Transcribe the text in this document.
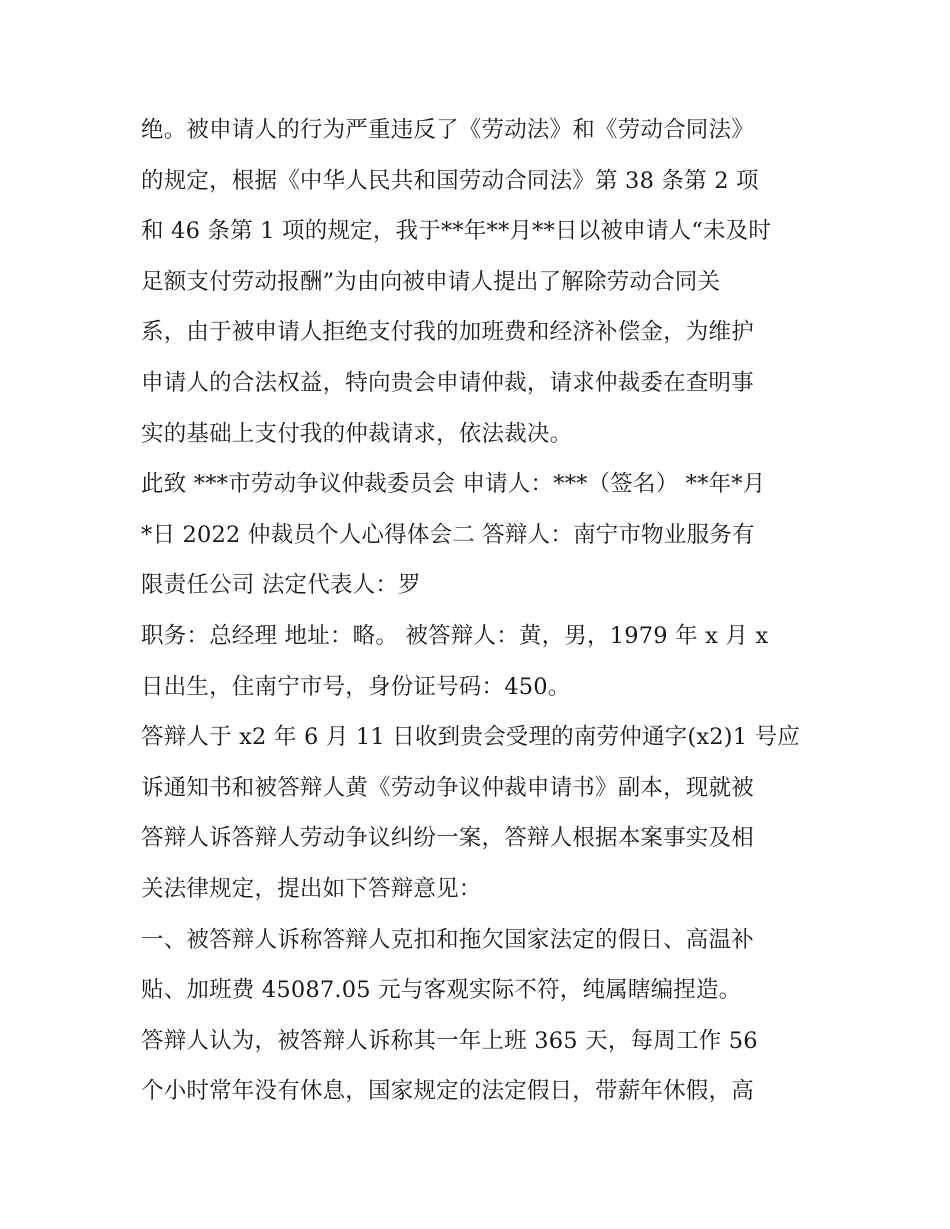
绝。被申请人的行为严重违反了《劳动法》和《劳动合同法》
的规定，根据《中华人民共和国劳动合同法》第 38 条第 2 项
和 46 条第 1 项的规定，我于**年**月**日以被申请人“未及时
足额支付劳动报酬”为由向被申请人提出了解除劳动合同关
系，由于被申请人拒绝支付我的加班费和经济补偿金，为维护
申请人的合法权益，特向贵会申请仲裁，请求仲裁委在查明事
实的基础上支付我的仲裁请求，依法裁决。
此致 ***市劳动争议仲裁委员会 申请人：***（签名） **年*月
*日 2022 仲裁员个人心得体会二 答辩人：南宁市物业服务有
限责任公司 法定代表人：罗
职务：总经理 地址：略。 被答辩人：黄，男，1979 年 x 月 x
日出生，住南宁市号，身份证号码：450。
答辩人于 x2 年 6 月 11 日收到贵会受理的南劳仲通字(x2)1 号应
诉通知书和被答辩人黄《劳动争议仲裁申请书》副本，现就被
答辩人诉答辩人劳动争议纠纷一案，答辩人根据本案事实及相
关法律规定，提出如下答辩意见：
一、被答辩人诉称答辩人克扣和拖欠国家法定的假日、高温补
贴、加班费 45087.05 元与客观实际不符，纯属瞎编捏造。
答辩人认为，被答辩人诉称其一年上班 365 天，每周工作 56
个小时常年没有休息，国家规定的法定假日，带薪年休假，高
